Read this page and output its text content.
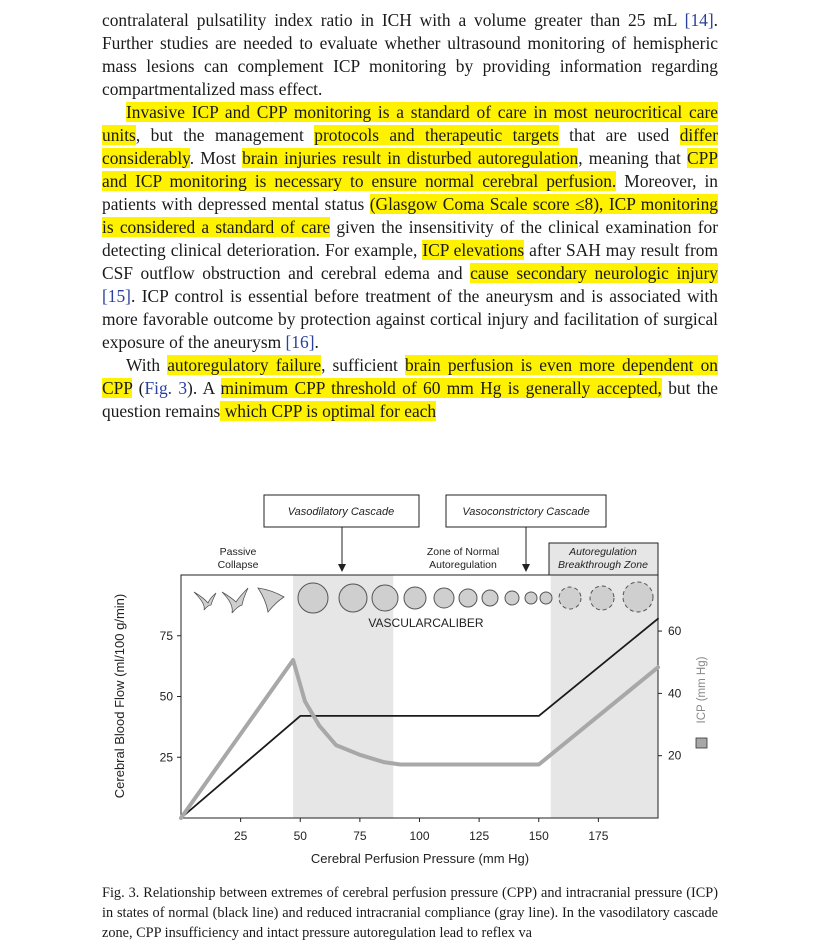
contralateral pulsatility index ratio in ICH with a volume greater than 25 mL [14]. Further studies are needed to evaluate whether ultrasound monitoring of hemispheric mass lesions can complement ICP monitoring by providing information regarding compartmentalized mass effect.

Invasive ICP and CPP monitoring is a standard of care in most neurocritical care units, but the management protocols and therapeutic targets that are used differ considerably. Most brain injuries result in disturbed autoregulation, meaning that CPP and ICP monitoring is necessary to ensure normal cerebral perfusion. Moreover, in patients with depressed mental status (Glasgow Coma Scale score ≤8), ICP monitoring is considered a standard of care given the insensitivity of the clinical examination for detecting clinical deterioration. For example, ICP elevations after SAH may result from CSF outflow obstruction and cerebral edema and cause secondary neurologic injury [15]. ICP control is essential before treatment of the aneurysm and is associated with more favorable outcome by protection against cortical injury and facilitation of surgical exposure of the aneurysm [16].

With autoregulatory failure, sufficient brain perfusion is even more dependent on CPP (Fig. 3). A minimum CPP threshold of 60 mm Hg is generally accepted, but the question remains which CPP is optimal for each

Vasodilatory Cascade	Vasoconstrictory Cascade
Passive
Collapse
Zone of Normal
Autoregulation
Autoregulation
Breakthrough Zone
VASCULARCALIBER
25	50	75	100	125	150	175
25
50
75
20
40
60
Cerebral Perfusion Pressure (mm Hg)
Cerebral Blood Flow (ml/100 g/min)	ICP (mm Hg)
Fig. 3. Relationship between extremes of cerebral perfusion pressure (CPP) and intracranial pressure (ICP) in states of normal (black line) and reduced intracranial compliance (gray line). In the vasodilatory cascade zone, CPP insufficiency and intact pressure autoregulation lead to reflex va
